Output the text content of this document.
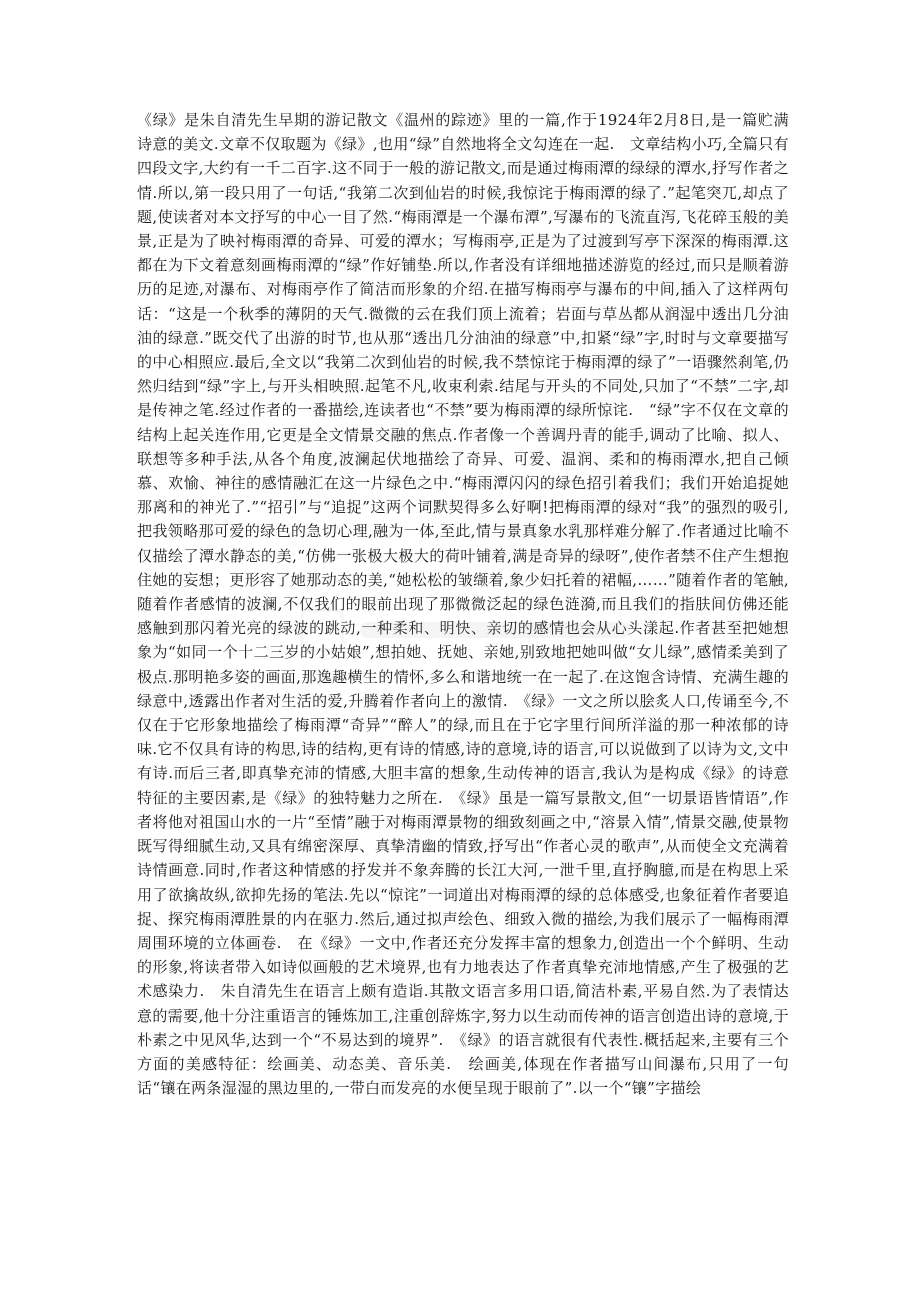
《绿》是朱自清先生早期的游记散文《温州的踪迹》里的一篇,作于1924年2月8日,是一篇贮满诗意的美文.文章不仅取题为《绿》,也用“绿”自然地将全文勾连在一起.　文章结构小巧,全篇只有四段文字,大约有一千二百字.这不同于一般的游记散文,而是通过梅雨潭的绿绿的潭水,抒写作者之情.所以,第一段只用了一句话,“我第二次到仙岩的时候,我惊诧于梅雨潭的绿了.”起笔突兀,却点了题,使读者对本文抒写的中心一目了然.“梅雨潭是一个瀑布潭”,写瀑布的飞流直泻,飞花碎玉般的美景,正是为了映衬梅雨潭的奇异、可爱的潭水；写梅雨亭,正是为了过渡到写亭下深深的梅雨潭.这都在为下文着意刻画梅雨潭的“绿”作好铺垫.所以,作者没有详细地描述游览的经过,而只是顺着游历的足迹,对瀑布、对梅雨亭作了简洁而形象的介绍.在描写梅雨亭与瀑布的中间,插入了这样两句话：“这是一个秋季的薄阴的天气.微微的云在我们顶上流着；岩面与草丛都从润湿中透出几分油油的绿意.”既交代了出游的时节,也从那“透出几分油油的绿意”中,扣紧“绿”字,时时与文章要描写的中心相照应.最后,全文以“我第二次到仙岩的时候,我不禁惊诧于梅雨潭的绿了”一语骤然刹笔,仍然归结到“绿”字上,与开头相映照.起笔不凡,收束利索.结尾与开头的不同处,只加了“不禁”二字,却是传神之笔.经过作者的一番描绘,连读者也“不禁”要为梅雨潭的绿所惊诧.　“绿”字不仅在文章的结构上起关连作用,它更是全文情景交融的焦点.作者像一个善调丹青的能手,调动了比喻、拟人、联想等多种手法,从各个角度,波澜起伏地描绘了奇异、可爱、温润、柔和的梅雨潭水,把自己倾慕、欢愉、神往的感情融汇在这一片绿色之中.“梅雨潭闪闪的绿色招引着我们；我们开始追捉她那离和的神光了.”“招引”与“追捉”这两个词默契得多么好啊!把梅雨潭的绿对“我”的强烈的吸引,把我领略那可爱的绿色的急切心理,融为一体,至此,情与景真象水乳那样难分解了.作者通过比喻不仅描绘了潭水静态的美,“仿佛一张极大极大的荷叶铺着,满是奇异的绿呀”,使作者禁不住产生想抱住她的妄想；更形容了她那动态的美,“她松松的皱缬着,象少妇托着的裙幅,……”随着作者的笔触,随着作者感情的波澜,不仅我们的眼前出现了那微微泛起的绿色涟漪,而且我们的指肤间仿佛还能感触到那闪着光亮的绿波的跳动,一种柔和、明快、亲切的感情也会从心头漾起.作者甚至把她想象为“如同一个十二三岁的小姑娘”,想拍她、抚她、亲她,别致地把她叫做“女儿绿”,感情柔美到了极点.那明艳多姿的画面,那逸趣横生的情怀,多么和谐地统一在一起了.在这饱含诗情、充满生趣的绿意中,透露出作者对生活的爱,升腾着作者向上的激情.　《绿》一文之所以脍炙人口,传诵至今,不仅在于它形象地描绘了梅雨潭“奇异”“醉人”的绿,而且在于它字里行间所洋溢的那一种浓郁的诗味.它不仅具有诗的构思,诗的结构,更有诗的情感,诗的意境,诗的语言,可以说做到了以诗为文,文中有诗.而后三者,即真挚充沛的情感,大胆丰富的想象,生动传神的语言,我认为是构成《绿》的诗意特征的主要因素,是《绿》的独特魅力之所在.　《绿》虽是一篇写景散文,但“一切景语皆情语”,作者将他对祖国山水的一片“至情”融于对梅雨潭景物的细致刻画之中,“溶景入情”,情景交融,使景物既写得细腻生动,又具有绵密深厚、真挚清幽的情致,抒写出“作者心灵的歌声”,从而使全文充满着诗情画意.同时,作者这种情感的抒发并不象奔腾的长江大河,一泄千里,直抒胸臆,而是在构思上采用了欲擒故纵,欲抑先扬的笔法.先以“惊诧”一词道出对梅雨潭的绿的总体感受,也象征着作者要追捉、探究梅雨潭胜景的内在驱力.然后,通过拟声绘色、细致入微的描绘,为我们展示了一幅梅雨潭周围环境的立体画卷.　在《绿》一文中,作者还充分发挥丰富的想象力,创造出一个个鲜明、生动的形象,将读者带入如诗似画般的艺术境界,也有力地表达了作者真挚充沛地情感,产生了极强的艺术感染力.　朱自清先生在语言上颇有造诣.其散文语言多用口语,简洁朴素,平易自然.为了表情达意的需要,他十分注重语言的锤炼加工,注重创辞炼字,努力以生动而传神的语言创造出诗的意境,于朴素之中见风华,达到一个“不易达到的境界”.　《绿》的语言就很有代表性.概括起来,主要有三个方面的美感特征：绘画美、动态美、音乐美.　绘画美,体现在作者描写山间瀑布,只用了一句话“镶在两条湿湿的黑边里的,一带白而发亮的水便呈现于眼前了”.以一个“镶”字描绘
